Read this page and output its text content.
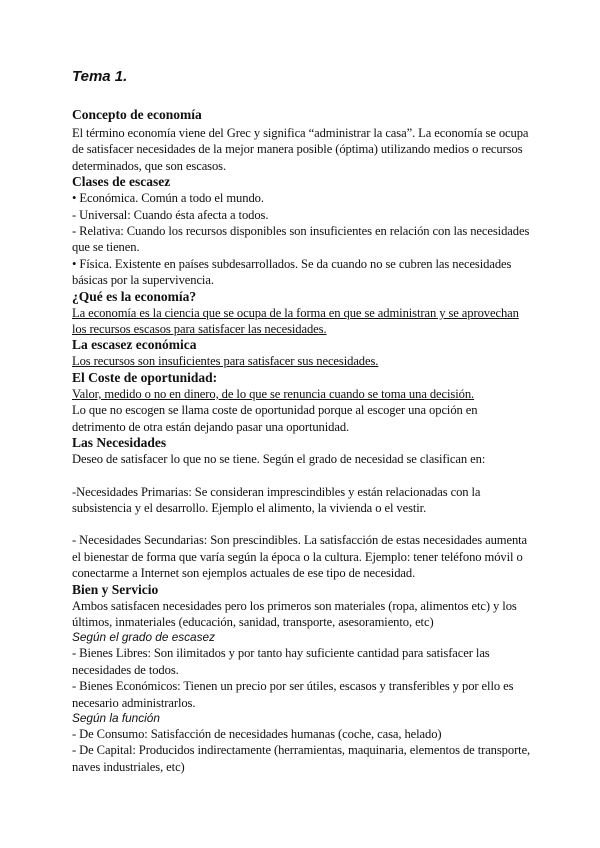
Tema 1.

Concepto de economía

El término economía viene del Grec y significa “administrar la casa”. La economía se ocupa de satisfacer necesidades de la mejor manera posible (óptima) utilizando medios o recursos determinados, que son escasos.

Clases de escasez

• Económica. Común a todo el mundo.

- Universal: Cuando ésta afecta a todos.

- Relativa: Cuando los recursos disponibles son insuficientes en relación con las necesidades que se tienen.

• Física. Existente en países subdesarrollados. Se da cuando no se cubren las necesidades básicas por la supervivencia.

¿Qué es la economía?

La economía es la ciencia que se ocupa de la forma en que se administran y se aprovechan los recursos escasos para satisfacer las necesidades.

La escasez económica

Los recursos son insuficientes para satisfacer sus necesidades.

El Coste de oportunidad:

Valor, medido o no en dinero, de lo que se renuncia cuando se toma una decisión.

Lo que no escogen se llama coste de oportunidad porque al escoger una opción en detrimento de otra están dejando pasar una oportunidad.

Las Necesidades

Deseo de satisfacer lo que no se tiene. Según el grado de necesidad se clasifican en:

-Necesidades Primarias: Se consideran imprescindibles y están relacionadas con la subsistencia y el desarrollo. Ejemplo el alimento, la vivienda o el vestir.

- Necesidades Secundarias: Son prescindibles. La satisfacción de estas necesidades aumenta el bienestar de forma que varía según la época o la cultura. Ejemplo: tener teléfono móvil o conectarme a Internet son ejemplos actuales de ese tipo de necesidad.

Bien y Servicio

Ambos satisfacen necesidades pero los primeros son materiales (ropa, alimentos etc) y los últimos, inmateriales (educación, sanidad, transporte, asesoramiento, etc)

Según el grado de escasez

- Bienes Libres: Son ilimitados y por tanto hay suficiente cantidad para satisfacer las necesidades de todos.

- Bienes Económicos: Tienen un precio por ser útiles, escasos y transferibles y por ello es necesario administrarlos.

Según la función

- De Consumo: Satisfacción de necesidades humanas (coche, casa, helado)

- De Capital: Producidos indirectamente (herramientas, maquinaria, elementos de transporte, naves industriales, etc)
